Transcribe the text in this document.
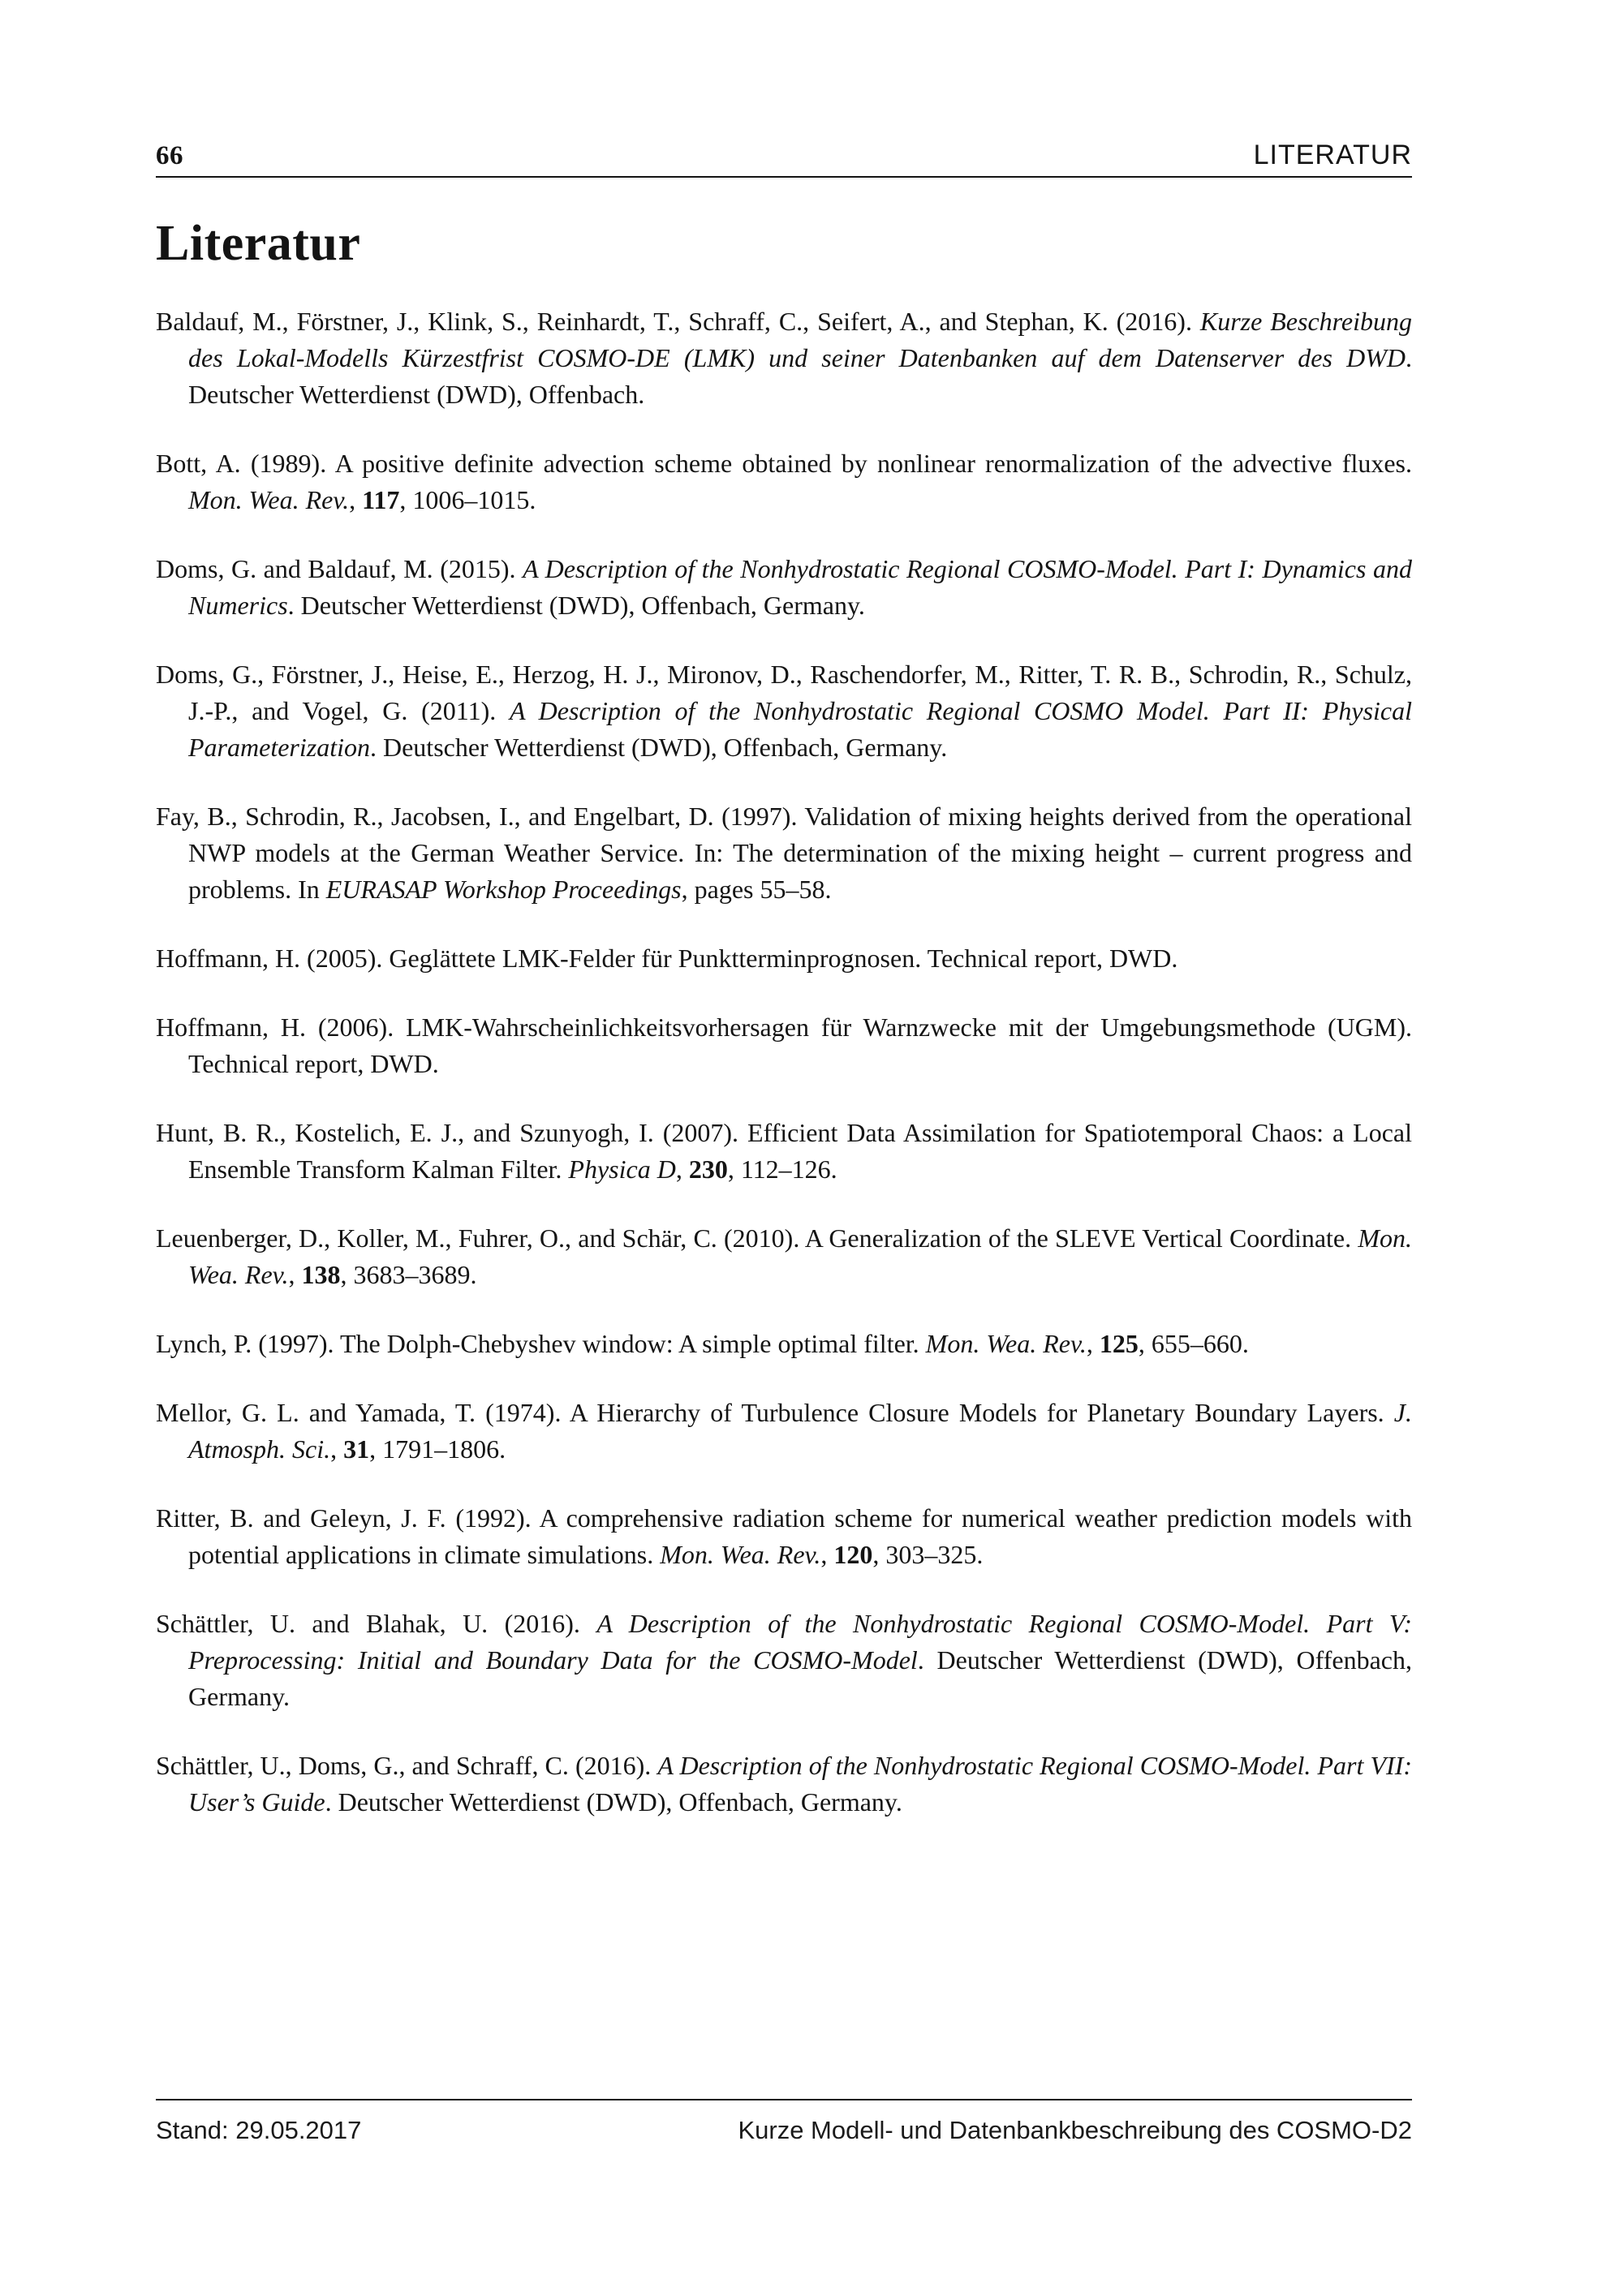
66	LITERATUR
Literatur

Baldauf, M., Förstner, J., Klink, S., Reinhardt, T., Schraff, C., Seifert, A., and Stephan, K. (2016). Kurze Beschreibung des Lokal-Modells Kürzestfrist COSMO-DE (LMK) und seiner Datenbanken auf dem Datenserver des DWD. Deutscher Wetterdienst (DWD), Offenbach.

Bott, A. (1989). A positive definite advection scheme obtained by nonlinear renormalization of the advective fluxes. Mon. Wea. Rev., 117, 1006–1015.

Doms, G. and Baldauf, M. (2015). A Description of the Nonhydrostatic Regional COSMO-Model. Part I: Dynamics and Numerics. Deutscher Wetterdienst (DWD), Offenbach, Germany.

Doms, G., Förstner, J., Heise, E., Herzog, H. J., Mironov, D., Raschendorfer, M., Ritter, T. R. B., Schrodin, R., Schulz, J.-P., and Vogel, G. (2011). A Description of the Nonhydrostatic Regional COSMO Model. Part II: Physical Parameterization. Deutscher Wetterdienst (DWD), Offenbach, Germany.

Fay, B., Schrodin, R., Jacobsen, I., and Engelbart, D. (1997). Validation of mixing heights derived from the operational NWP models at the German Weather Service. In: The determination of the mixing height – current progress and problems. In EURASAP Workshop Proceedings, pages 55–58.

Hoffmann, H. (2005). Geglättete LMK-Felder für Punktterminprognosen. Technical report, DWD.

Hoffmann, H. (2006). LMK-Wahrscheinlichkeitsvorhersagen für Warnzwecke mit der Umgebungsmethode (UGM). Technical report, DWD.

Hunt, B. R., Kostelich, E. J., and Szunyogh, I. (2007). Efficient Data Assimilation for Spatiotemporal Chaos: a Local Ensemble Transform Kalman Filter. Physica D, 230, 112–126.

Leuenberger, D., Koller, M., Fuhrer, O., and Schär, C. (2010). A Generalization of the SLEVE Vertical Coordinate. Mon. Wea. Rev., 138, 3683–3689.

Lynch, P. (1997). The Dolph-Chebyshev window: A simple optimal filter. Mon. Wea. Rev., 125, 655–660.

Mellor, G. L. and Yamada, T. (1974). A Hierarchy of Turbulence Closure Models for Planetary Boundary Layers. J. Atmosph. Sci., 31, 1791–1806.

Ritter, B. and Geleyn, J. F. (1992). A comprehensive radiation scheme for numerical weather prediction models with potential applications in climate simulations. Mon. Wea. Rev., 120, 303–325.

Schättler, U. and Blahak, U. (2016). A Description of the Nonhydrostatic Regional COSMO-Model. Part V: Preprocessing: Initial and Boundary Data for the COSMO-Model. Deutscher Wetterdienst (DWD), Offenbach, Germany.

Schättler, U., Doms, G., and Schraff, C. (2016). A Description of the Nonhydrostatic Regional COSMO-Model. Part VII: User’s Guide. Deutscher Wetterdienst (DWD), Offenbach, Germany.

Stand: 29.05.2017	Kurze Modell- und Datenbankbeschreibung des COSMO-D2
